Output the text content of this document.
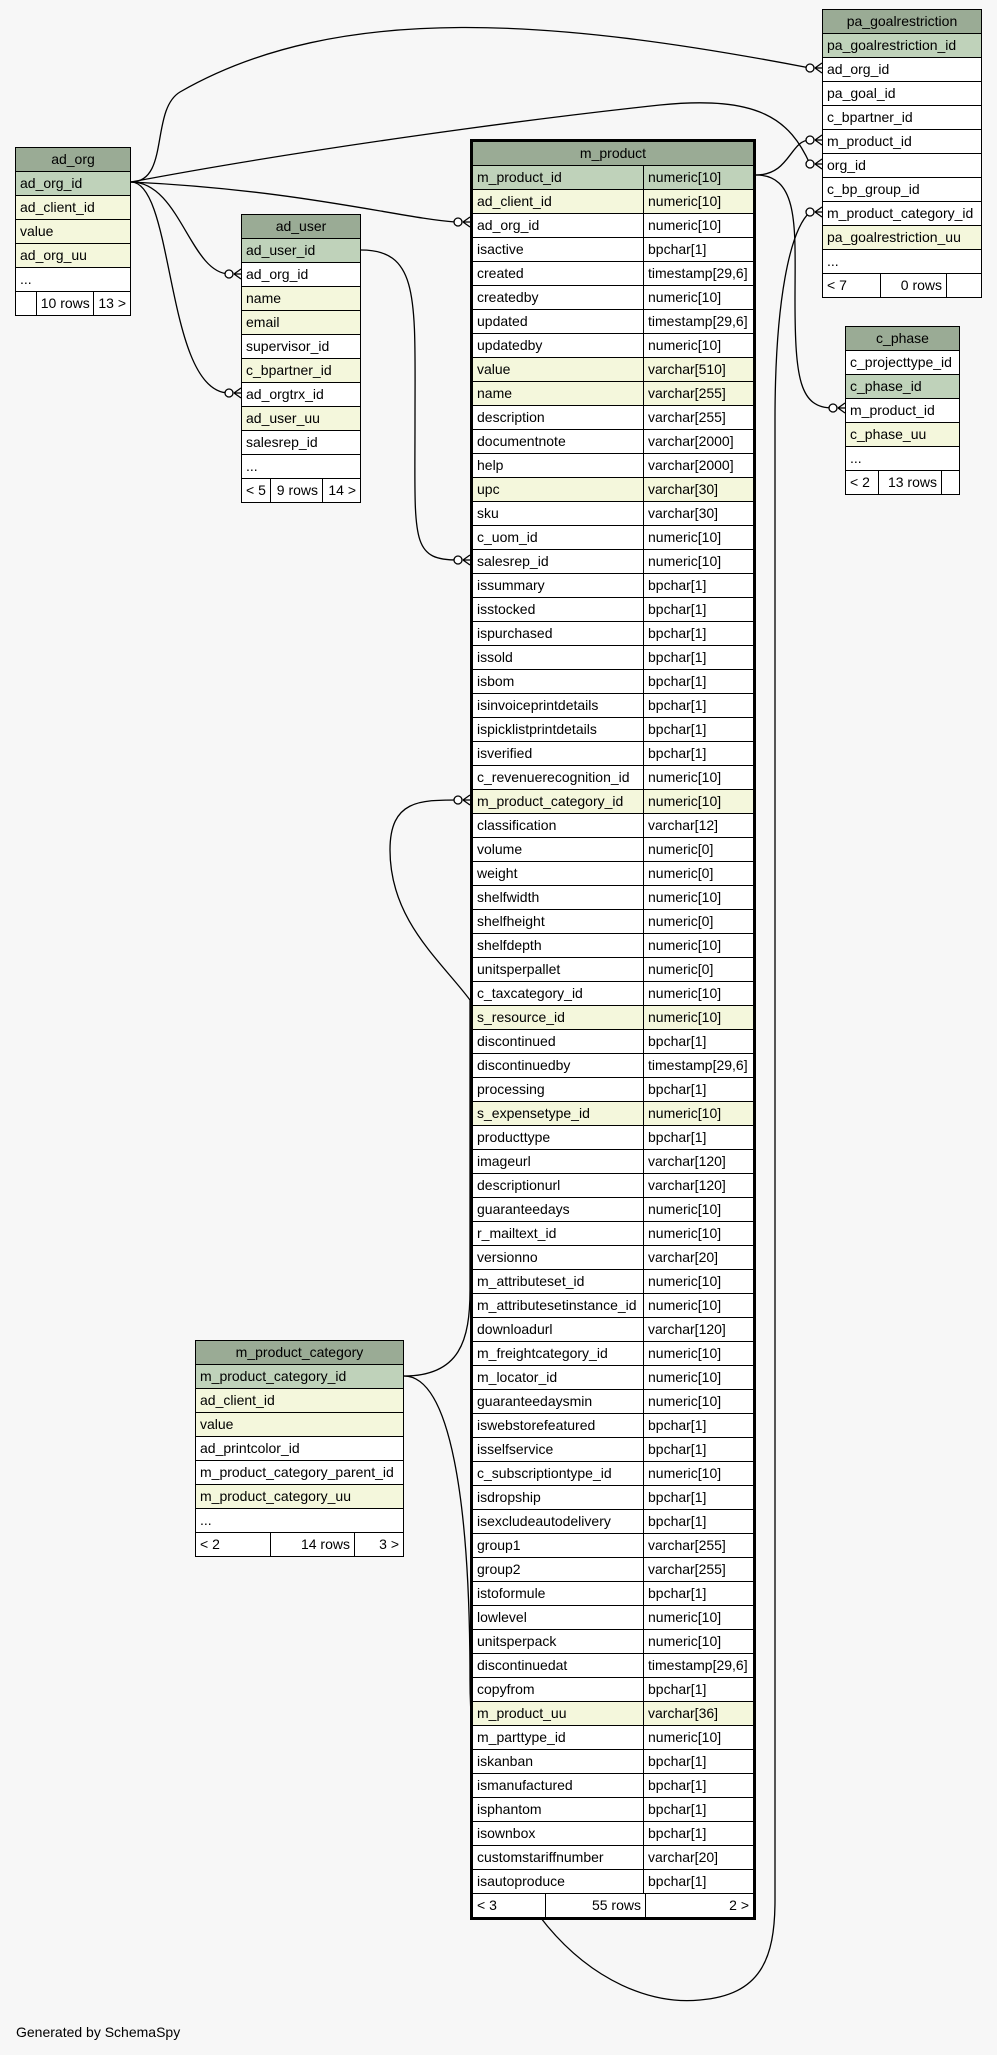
ad_org
ad_org_id
ad_client_id
value
ad_org_uu
...
10 rows 13 >
ad_user
ad_user_id
ad_org_id
name
email
supervisor_id
c_bpartner_id
ad_orgtrx_id
ad_user_uu
salesrep_id
...
< 5 9 rows 14 >
m_product_category
m_product_category_id
ad_client_id
value
ad_printcolor_id
m_product_category_parent_id
m_product_category_uu
...
< 2	14 rows	3 >
pa_goalrestriction
pa_goalrestriction_id
ad_org_id
pa_goal_id
c_bpartner_id
m_product_id
org_id
c_bp_group_id
m_product_category_id
pa_goalrestriction_uu
...
< 7	0 rows
c_phase
c_projecttype_id
c_phase_id
m_product_id
c_phase_uu
...
< 2	13 rows
m_product
m_product_id	numeric[10]
ad_client_id	numeric[10]
ad_org_id	numeric[10]
isactive	bpchar[1]
created	timestamp[29,6]
createdby	numeric[10]
updated	timestamp[29,6]
updatedby	numeric[10]
value	varchar[510]
name	varchar[255]
description	varchar[255]
documentnote	varchar[2000]
help	varchar[2000]
upc	varchar[30]
sku	varchar[30]
c_uom_id	numeric[10]
salesrep_id	numeric[10]
issummary	bpchar[1]
isstocked	bpchar[1]
ispurchased	bpchar[1]
issold	bpchar[1]
isbom	bpchar[1]
isinvoiceprintdetails	bpchar[1]
ispicklistprintdetails	bpchar[1]
isverified	bpchar[1]
c_revenuerecognition_id	numeric[10]
m_product_category_id	numeric[10]
classification	varchar[12]
volume	numeric[0]
weight	numeric[0]
shelfwidth	numeric[10]
shelfheight	numeric[0]
shelfdepth	numeric[10]
unitsperpallet	numeric[0]
c_taxcategory_id	numeric[10]
s_resource_id	numeric[10]
discontinued	bpchar[1]
discontinuedby	timestamp[29,6]
processing	bpchar[1]
s_expensetype_id	numeric[10]
producttype	bpchar[1]
imageurl	varchar[120]
descriptionurl	varchar[120]
guaranteedays	numeric[10]
r_mailtext_id	numeric[10]
versionno	varchar[20]
m_attributeset_id	numeric[10]
m_attributesetinstance_id numeric[10]
downloadurl	varchar[120]
m_freightcategory_id	numeric[10]
m_locator_id	numeric[10]
guaranteedaysmin	numeric[10]
iswebstorefeatured	bpchar[1]
isselfservice	bpchar[1]
c_subscriptiontype_id	numeric[10]
isdropship	bpchar[1]
isexcludeautodelivery	bpchar[1]
group1	varchar[255]
group2	varchar[255]
istoformule	bpchar[1]
lowlevel	numeric[10]
unitsperpack	numeric[10]
discontinuedat	timestamp[29,6]
copyfrom	bpchar[1]
m_product_uu	varchar[36]
m_parttype_id	numeric[10]
iskanban	bpchar[1]
ismanufactured	bpchar[1]
isphantom	bpchar[1]
isownbox	bpchar[1]
customstariffnumber	varchar[20]
isautoproduce	bpchar[1]
< 3	55 rows	2 >
Generated by SchemaSpy
